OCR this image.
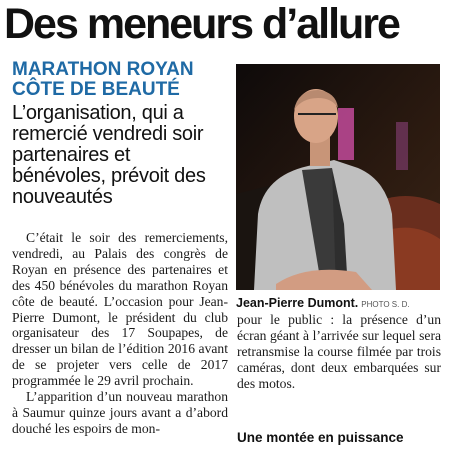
Des meneurs d’allure
MARATHON ROYAN
CÔTE DE BEAUTÉ
L’organisation, qui a remercié vendredi soir partenaires et bénévoles, prévoit des nouveautés

C’était le soir des remerciements, vendredi, au Palais des congrès de Royan en présence des partenaires et des 450 bénévoles du marathon Royan côte de beauté. L’occasion pour Jean-Pierre Dumont, le président du club organisateur des 17 Soupapes, de dresser un bilan de l’édition 2016 avant de se projeter vers celle de 2017 programmée le 29 avril prochain.

L’apparition d’un nouveau marathon à Saumur quinze jours avant a d’abord douché les espoirs de mon-

Jean-Pierre Dumont. PHOTO S. D.

pour le public : la présence d’un écran géant à l’arrivée sur lequel sera retransmise la course filmée par trois caméras, dont deux embarquées sur des motos.

Une montée en puissance
